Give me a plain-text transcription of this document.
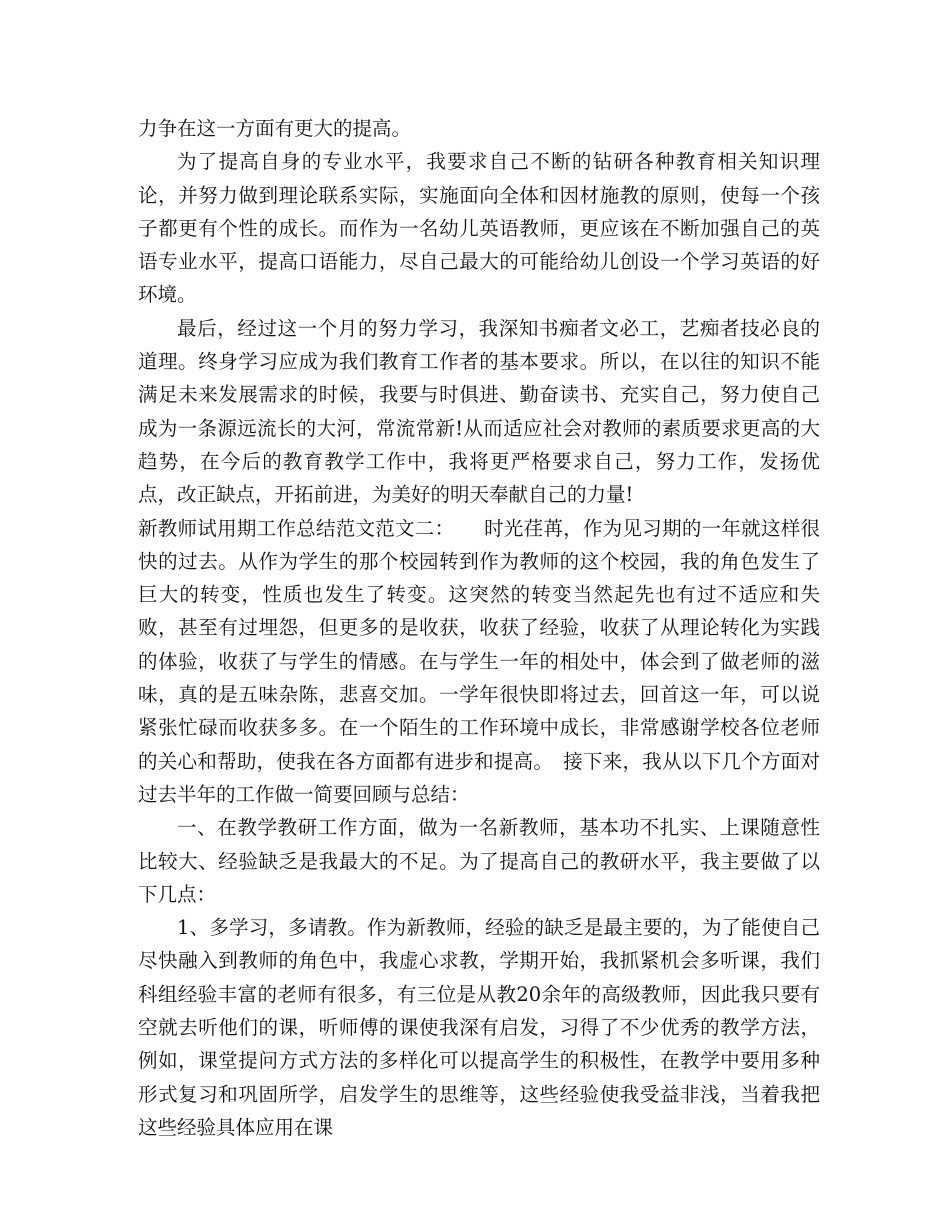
力争在这一方面有更大的提高。

为了提高自身的专业水平，我要求自己不断的钻研各种教育相关知识理论，并努力做到理论联系实际，实施面向全体和因材施教的原则，使每一个孩子都更有个性的成长。而作为一名幼儿英语教师，更应该在不断加强自己的英语专业水平，提高口语能力，尽自己最大的可能给幼儿创设一个学习英语的好环境。

最后，经过这一个月的努力学习，我深知书痴者文必工，艺痴者技必良的道理。终身学习应成为我们教育工作者的基本要求。所以，在以往的知识不能满足未来发展需求的时候，我要与时俱进、勤奋读书、充实自己，努力使自己成为一条源远流长的大河，常流常新!从而适应社会对教师的素质要求更高的大趋势，在今后的教育教学工作中，我将更严格要求自己，努力工作，发扬优点，改正缺点，开拓前进，为美好的明天奉献自己的力量!

新教师试用期工作总结范文范文二：　　时光荏苒，作为见习期的一年就这样很快的过去。从作为学生的那个校园转到作为教师的这个校园，我的角色发生了巨大的转变，性质也发生了转变。这突然的转变当然起先也有过不适应和失败，甚至有过埋怨，但更多的是收获，收获了经验，收获了从理论转化为实践的体验，收获了与学生的情感。在与学生一年的相处中，体会到了做老师的滋味，真的是五味杂陈，悲喜交加。一学年很快即将过去，回首这一年，可以说紧张忙碌而收获多多。在一个陌生的工作环境中成长，非常感谢学校各位老师的关心和帮助，使我在各方面都有进步和提高。　接下来，我从以下几个方面对过去半年的工作做一简要回顾与总结：

一、在教学教研工作方面，做为一名新教师，基本功不扎实、上课随意性比较大、经验缺乏是我最大的不足。为了提高自己的教研水平，我主要做了以下几点：

1、多学习，多请教。作为新教师，经验的缺乏是最主要的，为了能使自己尽快融入到教师的角色中，我虚心求教，学期开始，我抓紧机会多听课，我们科组经验丰富的老师有很多，有三位是从教20余年的高级教师，因此我只要有空就去听他们的课，听师傅的课使我深有启发，习得了不少优秀的教学方法，例如，课堂提问方式方法的多样化可以提高学生的积极性，在教学中要用多种形式复习和巩固所学，启发学生的思维等，这些经验使我受益非浅，当着我把这些经验具体应用在课
